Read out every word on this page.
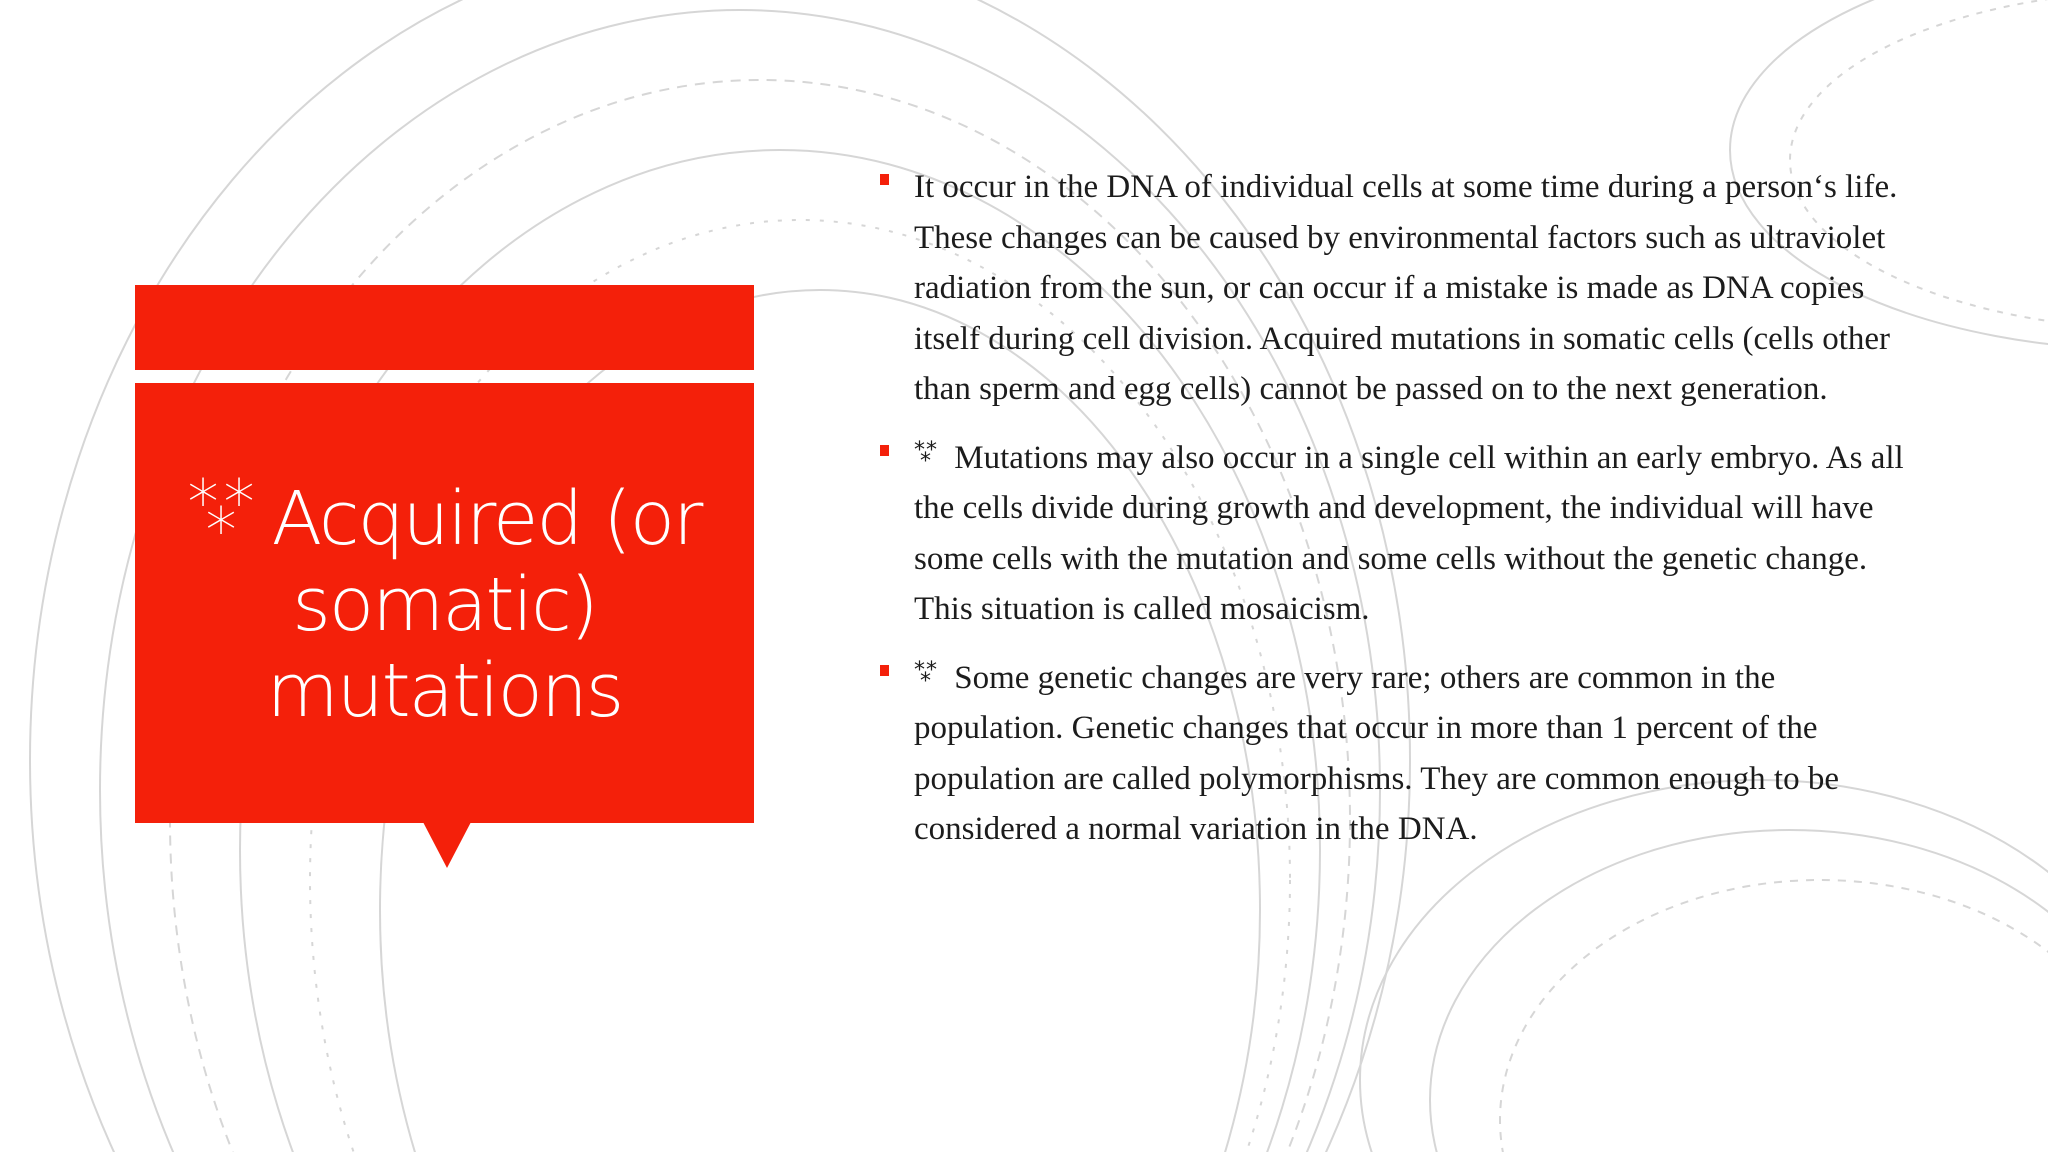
* *
* Acquired (or somatic) mutations
It occur in the DNA of individual cells at some time during a person‘s life. These changes can be caused by environmental factors such as ultraviolet radiation from the sun, or can occur if a mistake is made as DNA copies itself during cell division. Acquired mutations in somatic cells (cells other than sperm and egg cells) cannot be passed on to the next generation.
* *
* Mutations may also occur in a single cell within an early embryo. As all the cells divide during growth and development, the individual will have some cells with the mutation and some cells without the genetic change. This situation is called mosaicism.
* *
* Some genetic changes are very rare; others are common in the population. Genetic changes that occur in more than 1 percent of the population are called polymorphisms. They are common enough to be considered a normal variation in the DNA.
